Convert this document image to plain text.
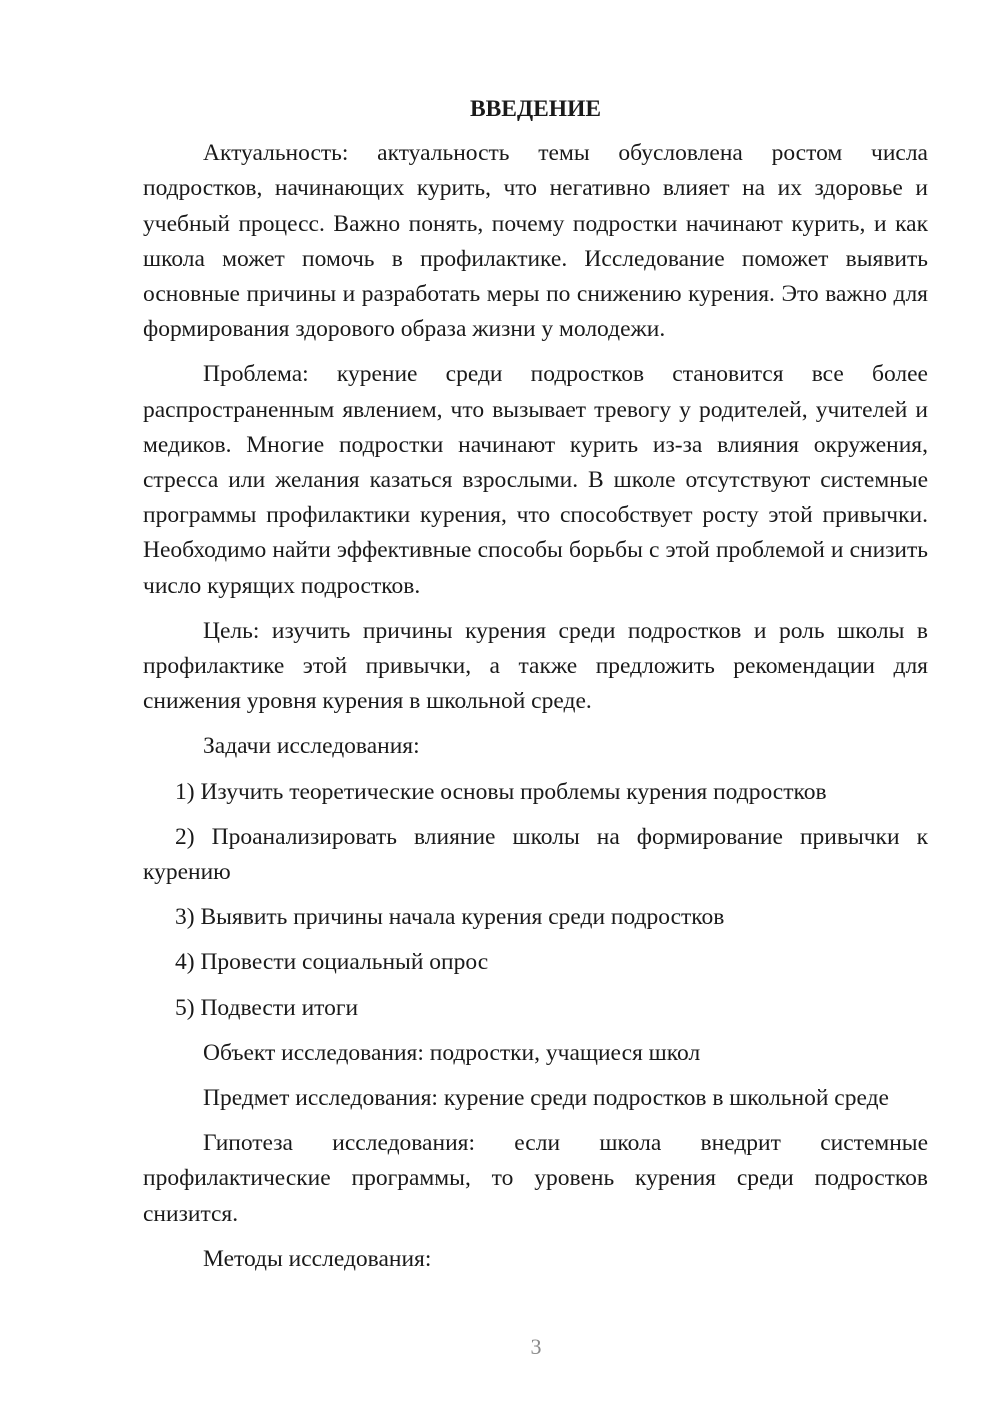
ВВЕДЕНИЕ

Актуальность: актуальность темы обусловлена ростом числа подростков, начинающих курить, что негативно влияет на их здоровье и учебный процесс. Важно понять, почему подростки начинают курить, и как школа может помочь в профилактике. Исследование поможет выявить основные причины и разработать меры по снижению курения. Это важно для формирования здорового образа жизни у молодежи.

Проблема: курение среди подростков становится все более распространенным явлением, что вызывает тревогу у родителей, учителей и медиков. Многие подростки начинают курить из-за влияния окружения, стресса или желания казаться взрослыми. В школе отсутствуют системные программы профилактики курения, что способствует росту этой привычки. Необходимо найти эффективные способы борьбы с этой проблемой и снизить число курящих подростков.

Цель: изучить причины курения среди подростков и роль школы в профилактике этой привычки, а также предложить рекомендации для снижения уровня курения в школьной среде.

Задачи исследования:

1) Изучить теоретические основы проблемы курения подростков

2) Проанализировать влияние школы на формирование привычки к курению

3) Выявить причины начала курения среди подростков

4) Провести социальный опрос

5) Подвести итоги

Объект исследования: подростки, учащиеся школ

Предмет исследования: курение среди подростков в школьной среде

Гипотеза исследования: если школа внедрит системные профилактические программы, то уровень курения среди подростков снизится.

Методы исследования:

3
